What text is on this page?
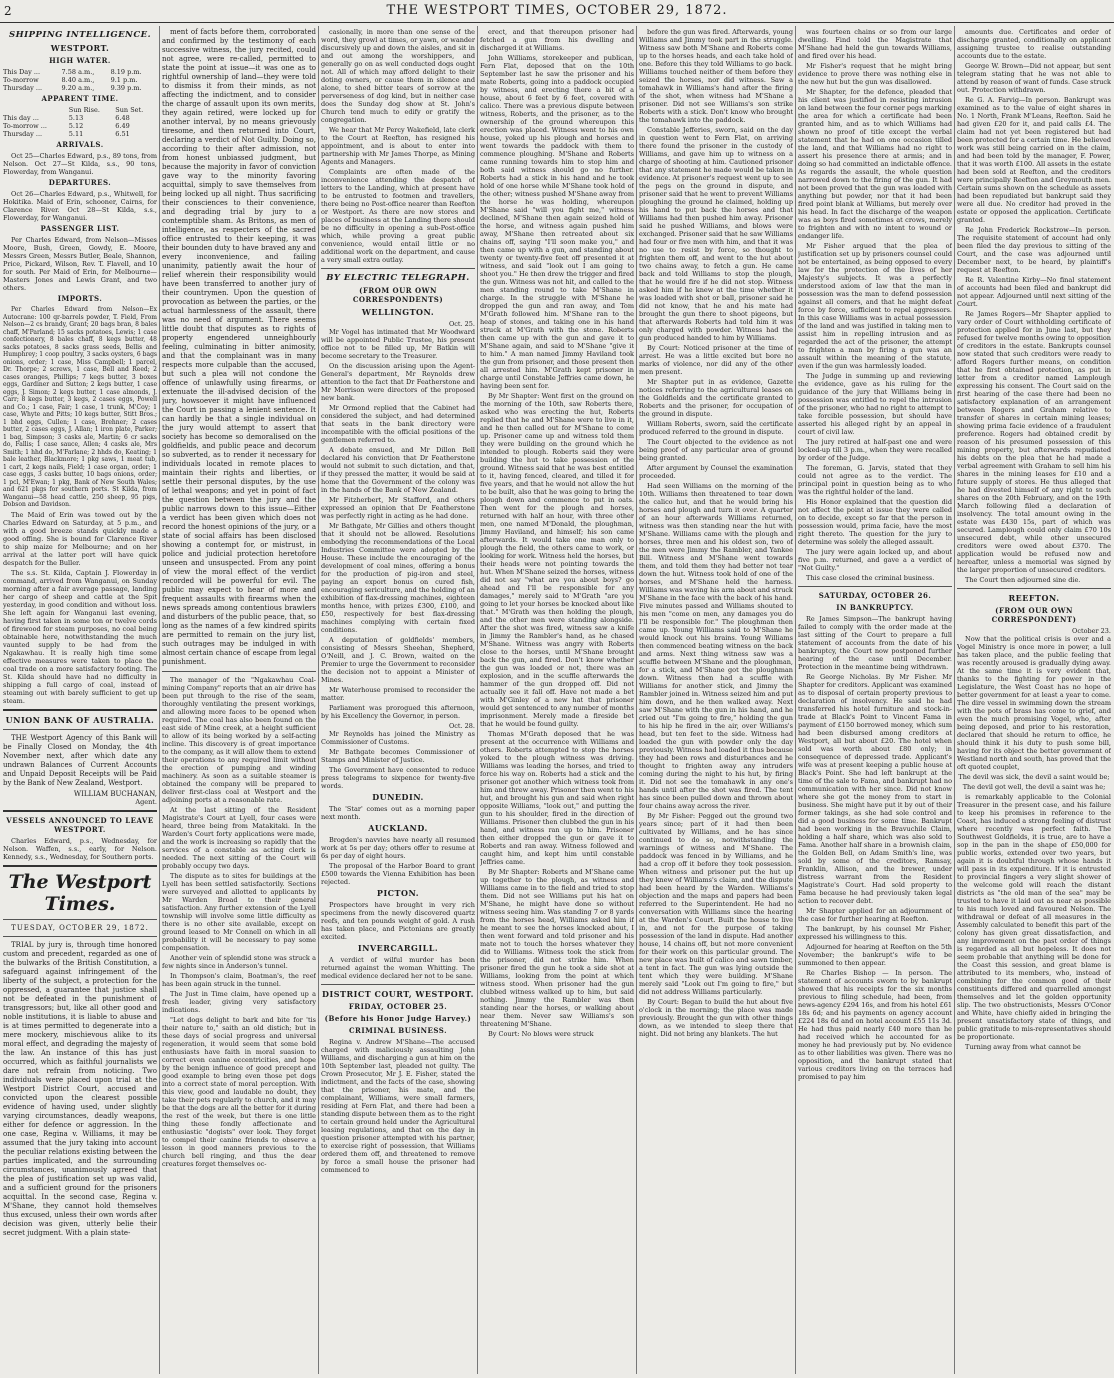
2	THE WESTPORT TIMES, OCTOBER 29, 1872.
SHIPPING INTELLIGENCE.
WESTPORT.
HIGH WATER.
This Day ...	7.58 a.m.,	8.19 p.m.
To-morrow	8.40 a.m.,	9.1 p.m.
Thursday ...	9.20 a.m.,	9.39 p.m.
APPARENT TIME.
	Sun Rise.	Sun Set.
This day ...	5.13	6.48
To-morrow ...	5.12	6.49
Thursday ...	5.11	6.51
ARRIVALS.

Oct 25—Charles Edward, p.s., 89 tons, from Nelson. Oct 27—St Kilda, s.s., 90 tons, Flowerday, from Wanganui.

DEPARTURES.

Oct 26—Charles Edward, p.s., Whitwell, for Hokitika. Maid of Erin, schooner, Cairns, for Clarence River. Oct 28—St Kilda, s.s., Flowerday, for Wanganui.

PASSENGER LIST.

Per Charles Edward, from Nelson—Misses Moore, Bush, Green, Gowdy, E. Moore, Messrs Green, Messrs Butler, Beale, Shannon, Price, Pickard, Wilson, Rev. T. Flavell, and 10 for south. Per Maid of Erin, for Melbourne—Masters Jones and Lewis Grant, and two others.

IMPORTS.

Per Charles Edward from Nelson—Ex Autocrane: 100 qr-barrels powder, T. Field, From Nelson—2 cs brandy, Grant; 20 bags bran, 8 bales chaff, M'Parland; 15 sacks potatoes, Lewis; 1 case confectionery, 8 bales chaff, 8 kegs butter, 48 sacks potatoes, 8 sacks grass seeds, Bellis and Humphrey; 1 coop poultry, 3 sacks oysters, 6 bags onions, order; 1 case, Miss Campbell; 1 parcel, Dr. Thorpe; 2 screws, 1 case, Bell and Reed; 2 cases oranges, Phillips; 7 kegs butter, 3 boxes eggs, Gardiner and Sutton; 2 kegs butter, 1 case eggs, J. Simon; 2 kegs butter, 1 case almonds, J. Carr; 8 kegs butter, 3 kegs, 2 cases eggs, Powell and Co.; 1 case, Fair; 1 case, 1 trunk, M'Coy; 1 case, Whyte and Pitts; 10 kegs butter, Stitt Bros.; 1 bhd eggs, Cullen; 1 case, Brehner; 2 cases butter, 2 cases eggs, J. Allan; 1 iron plate, Parker; 1 bag, Simpson; 3 casks ale, Martin; 6 cr sacks do, Fallis; 1 case sauce, Allen; 4 casks ale, Mrs Smith; 1 hhd do, M'Farlane; 2 hhds do, Keating; 1 bale leather, Blackmore; 1 pkg saws, 1 meat tub, 1 cart, 2 kegs nails, Field; 1 case organ, order; 1 case eggs, 3 casks butter, 10 bags onions, order; 1 pcl, M'Ewan; 1 pkg, Bank of New South Wales; and 621 pkgs for southern ports. St Kilda, from Wanganui—58 head cattle, 250 sheep, 95 pigs, Dobson and Davidson.

The Maid of Erin was towed out by the Charles Edward on Saturday, at 5 p.m., and with a good breeze stands quickly made a good offing. She is bound for Clarence River to ship maize for Melbourne; and on her arrival at the latter port will have quick despatch for the Buller.

The s.s. St. Kilda, Captain J. Flowerday in command, arrived from Wanganui, on Sunday morning after a fair average passage, landing her cargo of sheep and cattle at the Spit yesterday, in good condition and without loss. She left again for Wanganui last evening, having first taken in some ton or twelve cords of firewood for steam purposes, no coal being obtainable here, notwithstanding the much vaunted supply to be had from the Ngakawhau. It is really high time some effective measures were taken to place the coal trade on a more satisfactory footing. The St. Kilda should have had no difficulty in shipping a full cargo of coal, instead of steaming out with barely sufficient to get up steam.

UNION BANK OF AUSTRALIA.

THE Westport Agency of this Bank will be Finally Closed on Monday, the 4th November next, after which date any undrawn Balances of Current Accounts and Unpaid Deposit Receipts will be Paid by the Bank of New Zealand, Westport.

WILLIAM BUCHANAN,
Agent.
VESSELS ANNOUNCED TO LEAVE WESTPORT.

Charles Edward, p.s., Wednesday, for Nelson. Waffen, s.s., early, for Nelson. Kennedy, s.s., Wednesday, for Southern ports.

The Westport Times.
TUESDAY, OCTOBER 29, 1872.

TRIAL by jury is, through time honored custom and precedent, regarded as one of the bulwarks of the British Constitution, a safeguard against infringement of the liberty of the subject, a protection for the oppressed, a guarantee that justice shall not be defeated in the punishment of transgressors; but, like all other good and noble institutions, it is liable to abuse and is at times permitted to degenerate into a mere mockery, mischievous alike to its moral effect, and degrading the majesty of the law. An instance of this has just occurred, which as faithful journalists we dare not refrain from noticing. Two individuals were placed upon trial at the Westport District Court, accused and convicted upon the clearest possible evidence of having used, under slightly varying circumstances, deadly weapons, either for defence or aggression. In the one case, Regina v. Williams, it may be assumed that the jury taking into account the peculiar relations existing between the parties implicated, and the surrounding circumstances, unanimously agreed that the plea of justification set up was valid, and a sufficient ground for the prisoners acquittal. In the second case, Regina v. M'Shane, they cannot hold themselves thus excused, unless their own words after decision was given, utterly belie their secret judgment. With a plain state-

ment of facts before them, corroborated and confirmed by the testimony of each successive witness, the jury recited, could not agree, were re-called, permitted to state the point at issue—it was one as to rightful ownership of land—they were told to dismiss it from their minds, as not affecting the indictment, and to consider the charge of assault upon its own merits, they again retired, were locked up for another interval, by no means grievously tiresome, and then returned into Court, declaring a verdict of Not Guilty. Doing so, according to their after admission, not from honest unbiassed judgment, but because the majority in favor of conviction gave way to the minority favoring acquittal, simply to save themselves from being locked up all night. Thus sacrificing their consciences to their convenience, and degrading trial by jury to a contemptible sham. As Britons, as men of intelligence, as respecters of the sacred office entrusted to their keeping, it was their bounden duty to have braved any and every inconvenience, and failing unanimity, patiently await the hour of relief wherein their responsibility would have been transferred to another jury of their countrymen. Upon the question of provocation as between the parties, or the actual harmlessness of the assault, there was no need of argument. There seems little doubt that disputes as to rights of property engendered unneighbourly feeling, culminating in bitter animosity, and that the complainant was in many respects more culpable than the accused, but such a plea will not condone the offence of unlawfully using firearms, or extenuate the ill-advised decision of the jury, howsoever it might have influenced the Court in passing a lenient sentence. It can hardly be that a single individual on the jury would attempt to assert that society has become so demoralised on the goldfields, and public peace and decorum so subverted, as to render it necessary for individuals located in remote places to maintain their rights and liberties, or settle their personal disputes, by the use of lethal weapons; and yet in point of fact the question between the jury and the public narrows down to this issue—Either a verdict has been given which does not record the honest opinions of the jury, or a state of social affairs has been disclosed showing a contempt for, or mistrust, in police and judicial protection heretofore unseen and unsuspected. From any point of view the moral effect of the verdict recorded will be powerful for evil. The public may expect to hear of more and frequent assaults with firearms when the news spreads among contentious brawlers and disturbers of the public peace, that, so long as the names of a few kindred spirits are permitted to remain on the jury list, such outrages may be indulged in with almost certain chance of escape from legal punishment.

The manager of the "Ngakawhau Coal-mining Company" reports that an air drive has been put through to the rise of the seam, thoroughly ventilating the present workings, and allowing more faces to be opened when required. The coal has also been found on the east side of Mine creek, at a height sufficient to allow of its being worked by a self-acting incline. This discovery is of great importance to the company, as it will allow them to extend their operations to any required limit without the erection of pumping and winding machinery. As soon as a suitable steamer is obtained the company will be prepared to deliver first-class coal at Westport and the adjoining ports at a reasonable rate.

At the last sitting of the Resident Magistrate's Court at Lyell, four cases were heard, three being from Matakitaki. In the Warden's Court forty applications were made, and the work is increasing so rapidly that the services of a constable as acting clerk is needed. The next sitting of the Court will probably occupy two days.

The dispute as to sites for buildings at the Lyell has been settled satisfactorily. Sections were surveyed and allotted to applicants by Mr Warden Broad to their general satisfaction. Any further extension of the Lyell township will involve some little difficulty as there is no other site available, except on ground leased to Mr Connell on which in all probability it will be necessary to pay some compensation.

Another vein of splendid stone was struck a few nights since in Anderson's tunnel.

In Thompson's claim, Boatman's, the reef has been again struck in the tunnel.

The Just in Time claim, have opened up a fresh leader, giving very satisfactory indications.

"Let dogs delight to bark and bite for 'tis their nature to," saith an old distich; but in these days of social progress and universal regeneration, it would seem that some bold enthusiasts have faith in moral suasion to correct even canine eccentricities, and hope by the benign influence of good precept and good example to bring even those pet dogs into a correct state of moral perception. With this view, good and laudable no doubt, they take their pets regularly to church, and it may be that the dogs are all the better for it during the rest of the week, but there is one little thing these fondly affectionate and enthusiastic "dogists" over look. They forget to compel their canine friends to observe a lesson in good manners previous to the church bell ringing, and thus the dear creatures forget themselves oc-

casionally, in more than one sense of the word, they growl at times, or yawn, or wander discursively up and down the aisles, and sit in and out among the worshippers, and generally go on as well conducted dogs ought not. All of which may afford delight to their doting owners, or cause them in silence and alone, to shed bitter tears of sorrow at the perverseness of dog kind, but in neither case does the Sunday dog show at St. John's Church tend much to edify or gratify the congregation.

We hear that Mr Percy Wakefield, late clerk to the Court at Reefton, has resigned his appointment, and is about to enter into partnership with Mr James Thorpe, as Mining Agents and Managers.

Complaints are often made of the inconvenience attending the despatch of letters to the Landing, which at present have to be entrusted to footmen and travellers, there being no Post-office nearer than Reefton or Westport. As there are now stores and places of business at the Landing there should be no difficulty in opening a sub-Post-office which, while proving a great public convenience, would entail little or no additional work on the department, and cause a very small extra outlay.

BY ELECTRIC TELEGRAPH.
(FROM OUR OWN CORRESPONDENTS)
WELLINGTON.
Oct. 25.

Mr Vogel has intimated that Mr Woodward will be appointed Public Trustee, his present office not to be filled up, Mr Batkin will become secretary to the Treasurer.

On the discussion arising upon the Agent-General's department, Mr Reynolds drew attention to the fact that Dr Featherstone and Mr Morrison were directors of the proposed new bank.

Mr Ormond replied that the Cabinet had considered the subject, and had determined that seats in the bank directory were incompatible with the official positions of the gentlemen referred to.

A debate ensued, and Mr Dillon Bell declared his conviction that Dr Featherstone would not submit to such dictation, and that, if they pressed the matter, it would be said at home that the Government of the colony was in the hands of the Bank of New Zealand.

Mr Fitzherbert, Mr Stafford, and others expressed an opinion that Dr Featherstone was perfectly right in acting as he had done.

Mr Bathgate, Mr Gillies and others thought that it should not be allowed. Resolutions embodying the recommendations of the Local Industries Committee were adopted by the House. These include the encouraging of the development of coal mines, offering a bonus for the production of pig-iron and steel, paying an export bonus on cured fish, encouraging sericulture, and the holding of an exhibition of flax-dressing machines, eighteen months hence, with prizes £300, £100, and £50, respectively for best flax-dressing machines complying with certain fixed conditions.

A deputation of goldfields' members, consisting of Messrs Sheehan, Shepherd, O'Neill, and J. C. Brown, waited on the Premier to urge the Government to reconsider the decision not to appoint a Minister of Mines.

Mr Waterhouse promised to reconsider the matter.

Parliament was prorogued this afternoon, by his Excellency the Governor, in person.

Oct. 28.

Mr Reynolds has joined the Ministry as Commissioner of Customs.

Mr Bathgate becomes Commissioner of Stamps and Minister of Justice.

The Government have consented to reduce press telegrams to sixpence for twenty-five words.

DUNEDIN.

The 'Star' comes out as a morning paper next month.

AUCKLAND.

Brogden's navvies have nearly all resumed work at 5s per day; others offer to resume at 6s per day of eight hours.

The proposal of the Harbor Board to grant £500 towards the Vienna Exhibition has been rejected.

PICTON.

Prospectors have brought in very rich specimens from the newly discovered quartz reefs, and ten pounds weight of gold. A rush has taken place, and Pictonians are greatly excited.

INVERCARGILL.

A verdict of wilful murder has been returned against the woman Whitting. The medical evidence declared her not to be sane.

DISTRICT COURT, WESTPORT.
FRIDAY, OCTOBER 25.
(Before his Honor Judge Harvey.)
CRIMINAL BUSINESS.

Regina v. Andrew M'Shane—The accused charged with maliciously assaulting John Williams, and discharging a gun at him on the 10th September last, pleaded not guilty. The Crown Prosecutor, Mr J. E. Fisher, stated the indictment, and the facts of the case, showing that the prisoner, his mate, and the complainant, Williams, were small farmers, residing at Fern Flat, and there had been a standing dispute between them as to the right to certain ground held under the Agricultural leasing regulations, and that on the day in question prisoner attempted with his partner, to exercise right of possession, that Williams ordered them off, and threatened to remove by force a small house the prisoner had commenced to

erect, and that thereupon prisoner had fetched a gun from his dwelling and discharged it at Williams.

John Williams, storekeeper and publican, Fern Flat, deposed that on the 10th September last he saw the prisoner and his mate Roberts, going into a paddock occupied by witness, and erecting there a bit of a house, about 6 feet by 6 feet, covered with calico. There was a previous dispute between witness, Roberts, and the prisoner, as to the ownership of the ground whereupon this erection was placed. Witness went to his own house, yoked up his plough and horses and went towards the paddock with them to commence ploughing. M'Shane and Roberts came running towards him to stop him and both said witness should go no further. Roberts had a stick in his hand and he took hold of one horse while M'Shane took hold of the other; witness pushed M'Shane away from the horse he was holding, whereupon M'Shane said "will you fight me," witness declined, M'Shane then again seized hold of the horse, and witness again pushed him away, M'Shane then retreated about six chains off, saying "I'll soon make you," and then came up with a gun, and standing about twenty or twenty-five feet off presented it at witness, and said "look out I am going to shoot you." He then drew the trigger and fired the gun. Witness was not hit, and called to the men standing round to take M'Shane in charge. In the struggle with M'Shane he dropped the gun and ran away, and Tom M'Grath followed him. M'Shane ran to the heap of stones, and taking one in his hand struck at M'Grath with the stone. Roberts then came up with the gun and gave it to M'Shane again, and said to M'Shane "give it to him." A man named Jimmy Haviland took the gun from prisoner, and those present then all arrested him. M'Grath kept prisoner in charge until Constable Jeffries came down, he having been sent for.

By Mr Shapter: Went first on the ground on the morning of the 10th, saw Roberts there, asked who was erecting the hut, Roberts replied that he and M'Shane were to live in it, and he then called out for M'Shane to come up. Prisoner came up and witness told them they were building on the ground which he intended to plough. Roberts said they were building the hut to take possession of the ground. Witness said that he was best entitled to it, having fenced, cleared, and tilled it for five years, and that he would not allow the hut to be built, also that he was going to bring the plough down and commence to put in oats. Then went for the plough and horses, returned with half an hour, with three other men, one named M'Donald, the ploughman, Jimmy Haviland, and himself; his son came afterwards. It would take one man only to plough the field, the others came to work, or looking for work. Witness held the horses, but their heads were not pointing towards the hut. When M'Shane seized the horses, witness did not say "what are you about boys? go ahead and I'll be responsible for any damages," merely said to M'Grath "are you going to let your horses be knocked about like that." M'Grath was then holding the plough, and the other men were standing alongside. After the shot was fired, witness saw a knife in Jimmy the Rambler's hand, as he chased M'Shane. Witness was angry with Roberts close to the horses, until M'Shane brought back the gun, and fired. Don't know whether the gun was loaded or not, there was an explosion, and in the scuffle afterwards the hammer of the gun dropped off. Did not actually see it fall off. Have not made a bet with M'Ginley of a new hat that prisoner would get sentenced to any number of months imprisonment. Merely made a fireside bet that he would be found guilty.

Thomas M'Grath deposed that he was present at the occurrence with Williams and others. Roberts attempted to stop the horses yoked to the plough witness was driving. Williams was leading the horses, and tried to force his way on. Roberts had a stick and the prisoner got another which witness took from him and threw away. Prisoner then went to his hut, and brought his gun and said when right opposite Williams, "look out," and putting the gun to his shoulder, fired in the direction of Williams. Prisoner then clubbed the gun in his hand, and witness ran up to him. Prisoner then either dropped the gun or gave it to Roberts and ran away. Witness followed and caught him, and kept him until constable Jeffries came.

By Mr Shapter: Roberts and M'Shane came up together to the plough, as witness and Williams came in to the field and tried to stop them. Did not see Williams put his hat on M'Shane, he might have done so without witness seeing him. Was standing 7 or 8 yards from the horses head, Williams asked him if he meant to see the horses knocked about, I then went forward and told prisoner and his mate not to touch the horses whatever they did to Williams. Witness took the stick from the prisoner, did not strike him. When prisoner fired the gun he took a side shot at Williams, looking from the point at which witness stood. When prisoner had the gun clubbed witness walked up to him, but said nothing. Jimmy the Rambler was then standing near the horses, or walking about near them. Never saw Williams's son threatening M'Shane.

By Court: No blows were struck

before the gun was fired. Afterwards, young Williams and Jimmy took part in the struggle. Witness saw both M'Shane and Roberts come up to the horses heads, and each take hold of one. Before this they told Williams to go back. Williams touched neither of them before they seized the horses, nor did witness. Saw a tomahawk in Williams's hand after the firing of the shot, when witness had M'Shane a prisoner. Did not see Williams's son strike Roberts with a stick. Don't know who brought the tomahawk into the paddock.

Constable Jefferies, sworn, said on the day in question went to Fern Flat, on arriving there found the prisoner in the custody of Williams, and gave him up to witness on a charge of shooting at him. Cautioned prisoner that any statement he made would be taken in evidence. At prisoner's request went up to see the pegs on the ground in dispute, and prisoner said that he went to prevent Williams ploughing the ground he claimed, holding up his hand to put back the horses and that Williams had then pushed him away. Prisoner said he pushed Williams, and blows were exchanged. Prisoner said that he saw Williams had four or five men with him, and that it was no use to resist by force, so thought to frighten them off, and went to the hut about two chains away, to fetch a gun. He came back and told Williams to stop the plough, that he would fire if he did not stop. Witness asked him if he knew at the time whether it was loaded with shot or ball, prisoner said he did not know, that he and his mate had brought the gun there to shoot pigeons, but that afterwards Roberts had told him it was only charged with powder. Witness had the gun produced handed to him by Williams.

By Court: Noticed prisoner at the time of arrest. He was a little excited but bore no marks of violence, nor did any of the other men present.

Mr Shapter put in as evidence, Gazette notices referring to the agricultural leases on the Goldfields and the certificate granted to Roberts and the prisoner, for occupation of the ground in dispute.

William Roberts, sworn, said the certificate produced referred to the ground in dispute.

The Court objected to the evidence as not being proof of any particular area of ground being granted.

After argument by Counsel the examination proceeded.

Had seen Williams on the morning of the 10th. Williams then threatened to tear down the calico hut, and that he would bring his horses and plough and turn it over. A quarter of an hour afterwards Williams returned, witness was then standing near the hut with M'Shane. Williams came with the plough and horses, three men and his oldest son, two of the men were Jimmy the Rambler, and Yankee Bill. Witness and M'Shane went towards them, and told them they had better not tear down the hut. Witness took hold of one of the horses, and M'Shane held the harness. Williams was waving his arm about and struck M'Shane in the face with the back of his hand. Five minutes passed and Williams shouted to his men "come on men, any damages you do I'll be responsible for." The ploughman then came up. Young Williams said to M'Shane he would knock out his brains. Young Williams then commenced beating witness on the back and arms. Next thing witness saw was a scuffle between M'Shane and the ploughman, for a stick, and M'Shane got the ploughman down. Witness then had a scuffle with Williams for another stick, and Jimmy the Rambler joined in. Witness seized him and put him down, and he then walked away. Next saw M'Shane with the gun in his hand, and he cried out "I'm going to fire," holding the gun to his hip he fired in the air, over Williams's head, but ten feet to the side. Witness had loaded the gun with powder only the day previously. Witness had loaded it thus because they had been rows and disturbances and he thought to frighten away any intruders coming during the night to his hut, by firing it. Did not see the tomahawk in any one's hands until after the shot was fired. The tent has since been pulled down and thrown about four chains away across the river.

By Mr Fisher: Pegged out the ground two years since; part of it had then been cultivated by Williams, and he has since continued to do so, notwithstanding the warnings of witness and M'Shane. The paddock was fenced in by Williams, and he had a crop off it before they took possession. When witness and prisoner put the hut up they knew of Williams's claim, and the dispute had been heard by the Warden. Williams's objection and the maps and papers had been referred to the Superintendent. He had no conversation with Williams since the hearing at the Warden's Court. Built the house to live in, and not for the purpose of taking possession of the land in dispute. Had another house, 14 chains off, but not more convenient for their work on this particular ground. The new place was built of calico and sawn timber, a tent in fact. The gun was lying outside the tent which they were building. M'Shane merely said "Look out I'm going to fire," but did not address Williams particularly.

By Court: Began to build the hut about five o'clock in the morning; the place was made previously. Brought the gun with other things down, as we intended to sleep there that night. Did not bring any blankets. The hut

was fourteen chains or so from our large dwelling. Find told the Magistrate that M'Shane had held the gun towards Williams, and fired over his head.

Mr Fisher's request that he might bring evidence to prove there was nothing else in the new hut but the gun was disallowed.

Mr Shapter, for the defence, pleaded that his client was justified in resisting intrusion on land between the four corner pegs marking the area for which a certificate had been granted him, and as to which Williams had shown no proof of title except the verbal statement that he had on one occasion tilled the land, and that Williams had no right to assert his presence there at armis; and in doing so had committed an indictable offence. As regards the assault, the whole question narrowed down to the firing of the gun. It had not been proved that the gun was loaded with anything but powder, nor that it had been fired point blank at Williams, but merely over his head. In fact the discharge of the weapon was as boys fired sometimes at crows, merely to frighten and with no intent to wound or endanger life.

Mr Fisher argued that the plea of justification set up by prisoners counsel could not be entertained, as being opposed to every law for the protection of the lives of her Majesty's subjects. It was a perfectly understood axiom of law that the man in possession was the man to defend possession against all comers, and that he might defeat force by force, sufficient to repel aggressors. In this case Williams was in actual possession of the land and was justified in taking men to assist him in repelling intrusion and as regarded the act of the prisoner, the attempt to frighten a man by firing a gun was an assault within the meaning of the statute, even if the gun was harmlessly loaded.

The Judge in summing up and reviewing the evidence, gave as his ruling for the guidance of the jury that Williams being in possession was entitled to repel the intrusion of the prisoner, who had no right to attempt to take forcible possession, but should have asserted his alleged right by an appeal in court of civil law.

The jury retired at half-past one and were locked-up till 3 p.m., when they were recalled by order of the Judge.

The foreman, G. Jarvis, stated that they could not agree as to the verdict. The principal point in question being as to who was the rightful holder of the land.

His Honor explained that the question did not affect the point at issue they were called on to decide, except so far that the person in possession would, prima facie, have the most right thereto. The question for the jury to determine was solely the alleged assault.

The jury were again locked up, and about five p.m. returned, and gave a a verdict of "Not Guilty."

This case closed the criminal business.

SATURDAY, OCTOBER 26.
IN BANKRUPTCY.

Re James Simpson—The bankrupt having failed to comply with the order made at the last sitting of the Court to prepare a full statement of accounts from the date of his bankruptcy, the Court now postponed further hearing of the case until December. Protection in the meantime being withdrawn.

Re George Nicholas. By Mr Fisher. Mr Shapter for creditors. Applicant was examined as to disposal of certain property previous to declaration of insolvency. He said he had transferred his hotel furniture and stock-in-trade at Black's Point to Vincent Fama in payment of £150 borrowed money, which sum had been disbursed among creditors at Westport, all but about £20. The hotel when sold was worth about £80 only; in consequence of depressed trade. Applicant's wife was at present keeping a public house at Black's Point. She had left bankrupt at the time of the sale to Fama, and bankrupt had no communication with her since. Did not know where she got the money from to start in business. She might have put it by out of their former takings, as she had sole control and did a good business for some time. Bankrupt had been working in the Bravuchile Claim, holding a half share, which was also sold to Fama. Another half share in a brownish claim, the Golden Bell, on Adam Smith's line, was sold by some of the creditors, Ramsay, Franklin, Allison, and the brewer, under distress warrant from the Resident Magistrate's Court. Had sold property to Fama because he had previously taken legal action to recover debt.

Mr Shapter applied for an adjournment of the case for further hearing at Reefton.

The bankrupt, by his counsel Mr Fisher, expressed his willingness to this.

Adjourned for hearing at Reefton on the 5th November; the bankrupt's wife to be summoned to then appear.

Re Charles Bishop — In person. The statement of accounts sworn to by bankrupt showed that his receipts for the six months previous to filing schedule, had been, from news-agency £294 16s, and from his hotel £61 18s 6d; and his payments on agency account £224 18s 6d and on hotel account £55 11s 3d. He had thus paid nearly £40 more than he had received which he accounted for as money he had previously put by. No evidence as to other liabilities was given. There was no opposition, and the bankrupt stated that various creditors living on the terraces had promised to pay him

amounts due. Certificates and order of discharge granted, conditionally on applicant assigning trustee to realise outstanding accounts due to the estate.

George W. Brown—Did not appear, but sent telegram stating that he was not able to attend by reason of want of funds. Case struck out. Protection withdrawn.

Re G. A. Farvig—In person. Bankrupt was examined as to the value of eight shares in No. 1 North, Frank M'Leans, Reefton. Said he had given £20 for it, and paid calls £4. The claim had not yet been registered but had been protected for a certain time. He believed work was still being carried on in the claim, and had been told by the manager, F. Power, that it was worth £100. All assets in the estate had been sold at Reefton, and the creditors were principally Reefton and Greymouth men. Certain sums shown on the schedule as assets had been repudiated but bankrupt said they were all due. No creditor had proved in the estate or opposed the application. Certificate granted.

Re John Frederick Rockstrow—In person. The requisite statement of account had only been filed the day previous to sitting of the Court, and the case was adjourned until December next, to be heard, by plaintiff's request at Reefton.

Re R. Valentine Kirby—No final statement of accounts had been filed and bankrupt did not appear. Adjourned until next sitting of the Court.

Re James Rogers—Mr Shapter applied to vary order of Court withholding certificate of protection applied for in June last, but they refused for twelve months owing to opposition of creditors in the estate. Bankrupts counsel now stated that such creditors were ready to afford Rogers further means, on condition that he first obtained protection, as put in letter from a creditor named Lamplough expressing his consent. The Court said on the first hearing of the case there had been no satisfactory explanation of an arrangement between Rogers and Graham relative to transfer of shares in certain mining leases; showing prima facie evidence of a fraudulent preference. Rogers had obtained credit by reason of his presumed possession of this mining property, but afterwards repudiated his debts on the plea that he had made a verbal agreement with Graham to sell him his shares in the mining leases for £10 and a future supply of stores. He thus alleged that he had divested himself of any right to such shares on the 20th February, and on the 19th March following filed a declaration of insolvency. The total amount owing in the estate was £430 15s, part of which was secured. Lamplough could only claim £70 10s unsecured debt, while other unsecured creditors were owed about £370. The application would be refused now and hereafter, unless a memorial was signed by the larger proportion of unsecured creditors.

The Court then adjourned sine die.

REEFTON.
(FROM OUR OWN CORRESPONDENT)
October 23.

Now that the political crisis is over and a Vogel Ministry is once more in power, a lull has taken place, and the public feeling that was recently aroused is gradually dying away. At the same time it is very evident that, thanks to the fighting for power in the Legislature, the West Coast has no hope of better government for at least a year to come. The dire vessel in swimming down the stream with the pots of brass has come to grief, and even the much promising Vogel, who, after being deposed, and prior to his restoration, declared that should he return to office, he should think it his duty to push some bill, having for its object the better government of Westland north and south, has proved that the oft quoted couplet,

The devil was sick, the devil a saint would be;

The devil got well, the devil a saint was he;

is remarkably applicable to the Colonial Treasurer in the present case, and his failure to keep his promises in reference to the Coast, has induced a strong feeling of distrust where recently was perfect faith. The Southwest Goldfields, it is true, are to have a sop in the pan in the shape of £50,000 for public works, extended over two years, but again it is doubtful through whose hands it will pass in its expenditure. If it is entrusted to provincial fingers a very slight shower of the welcome gold will reach the distant districts as "the old man of the sea" may be trusted to have it laid out as near as possible to his much loved and favoured Nelson. The withdrawal or defeat of all measures in the Assembly calculated to benefit this part of the colony has given great dissatisfaction, and any improvement on the past order of things is regarded as all but hopeless. It does not seem probable that anything will be done for the Coast this session, and great blame is attributed to its members, who, instead of combining for the common good of their constituents differed and quarrelled amongst themselves and let the golden opportunity slip. The two obstructionists, Messrs O'Conor and White, have chiefly aided in bringing the present unsatisfactory state of things, and public gratitude to mis-representatives should be proportionate.

Turning away from what cannot be
